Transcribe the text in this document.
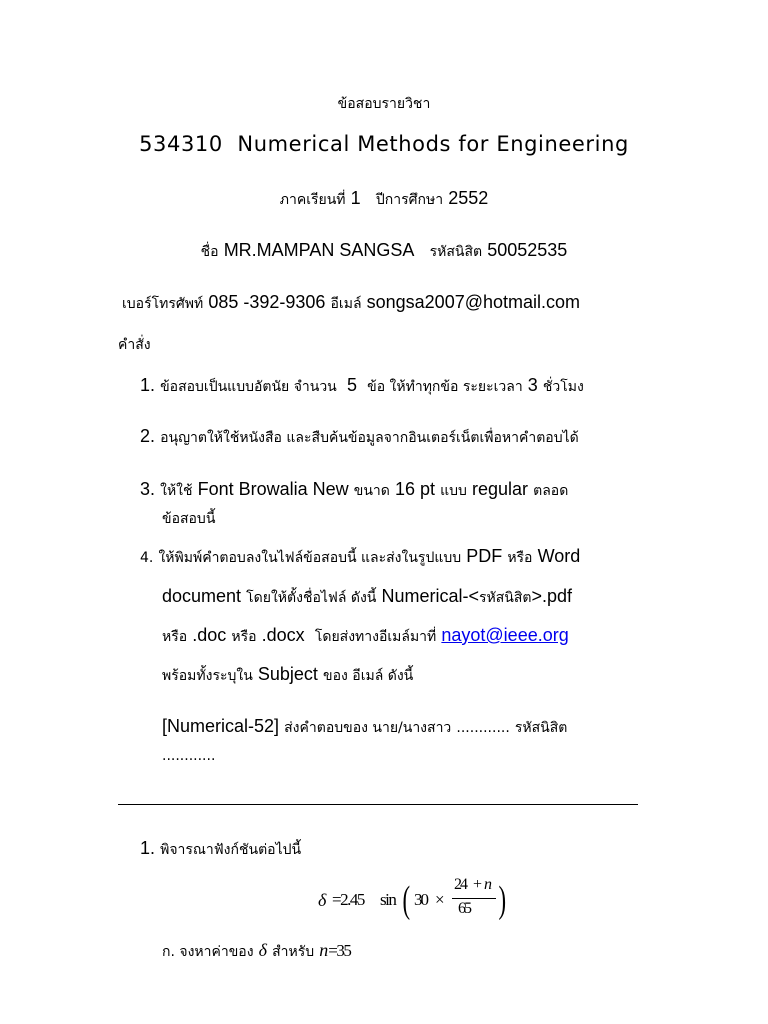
ข้อสอบรายวิชา
534310 Numerical Methods for Engineering
ภาคเรียนที่ 1 ปีการศึกษา 2552
ชื่อ MR.MAMPAN SANGSA รหัสนิสิต 50052535
เบอร์โทรศัพท์ 085 -392-9306 อีเมล์ songsa2007@hotmail.com
คำสั่ง
1. ข้อสอบเป็นแบบอัตนัย จำนวน 5 ข้อ ให้ทำทุกข้อ ระยะเวลา 3 ชั่วโมง
2. อนุญาตให้ใช้หนังสือ และสืบค้นข้อมูลจากอินเตอร์เน็ตเพื่อหาคำตอบได้
3. ให้ใช้ Font Browalia New ขนาด 16 pt แบบ regular ตลอด
ข้อสอบนี้
4. ให้พิมพ์คำตอบลงในไฟล์ข้อสอบนี้ และส่งในรูปแบบ PDF หรือ Word
document โดยให้ตั้งชื่อไฟล์ ดังนี้ Numerical-<รหัสนิสิต>.pdf
หรือ .doc หรือ .docx โดยส่งทางอีเมล์มาที่ nayot@ieee.org
พร้อมทั้งระบุใน Subject ของ อีเมล์ ดังนี้
[Numerical-52] ส่งคำตอบของ นาย/นางสาว ............ รหัสนิสิต
............
1. พิจารณาฟังก์ชันต่อไปนี้
δ =2.45 sin ( 30 ×
24 + n
65 )
ก. จงหาค่าของ δ สำหรับ n=35
